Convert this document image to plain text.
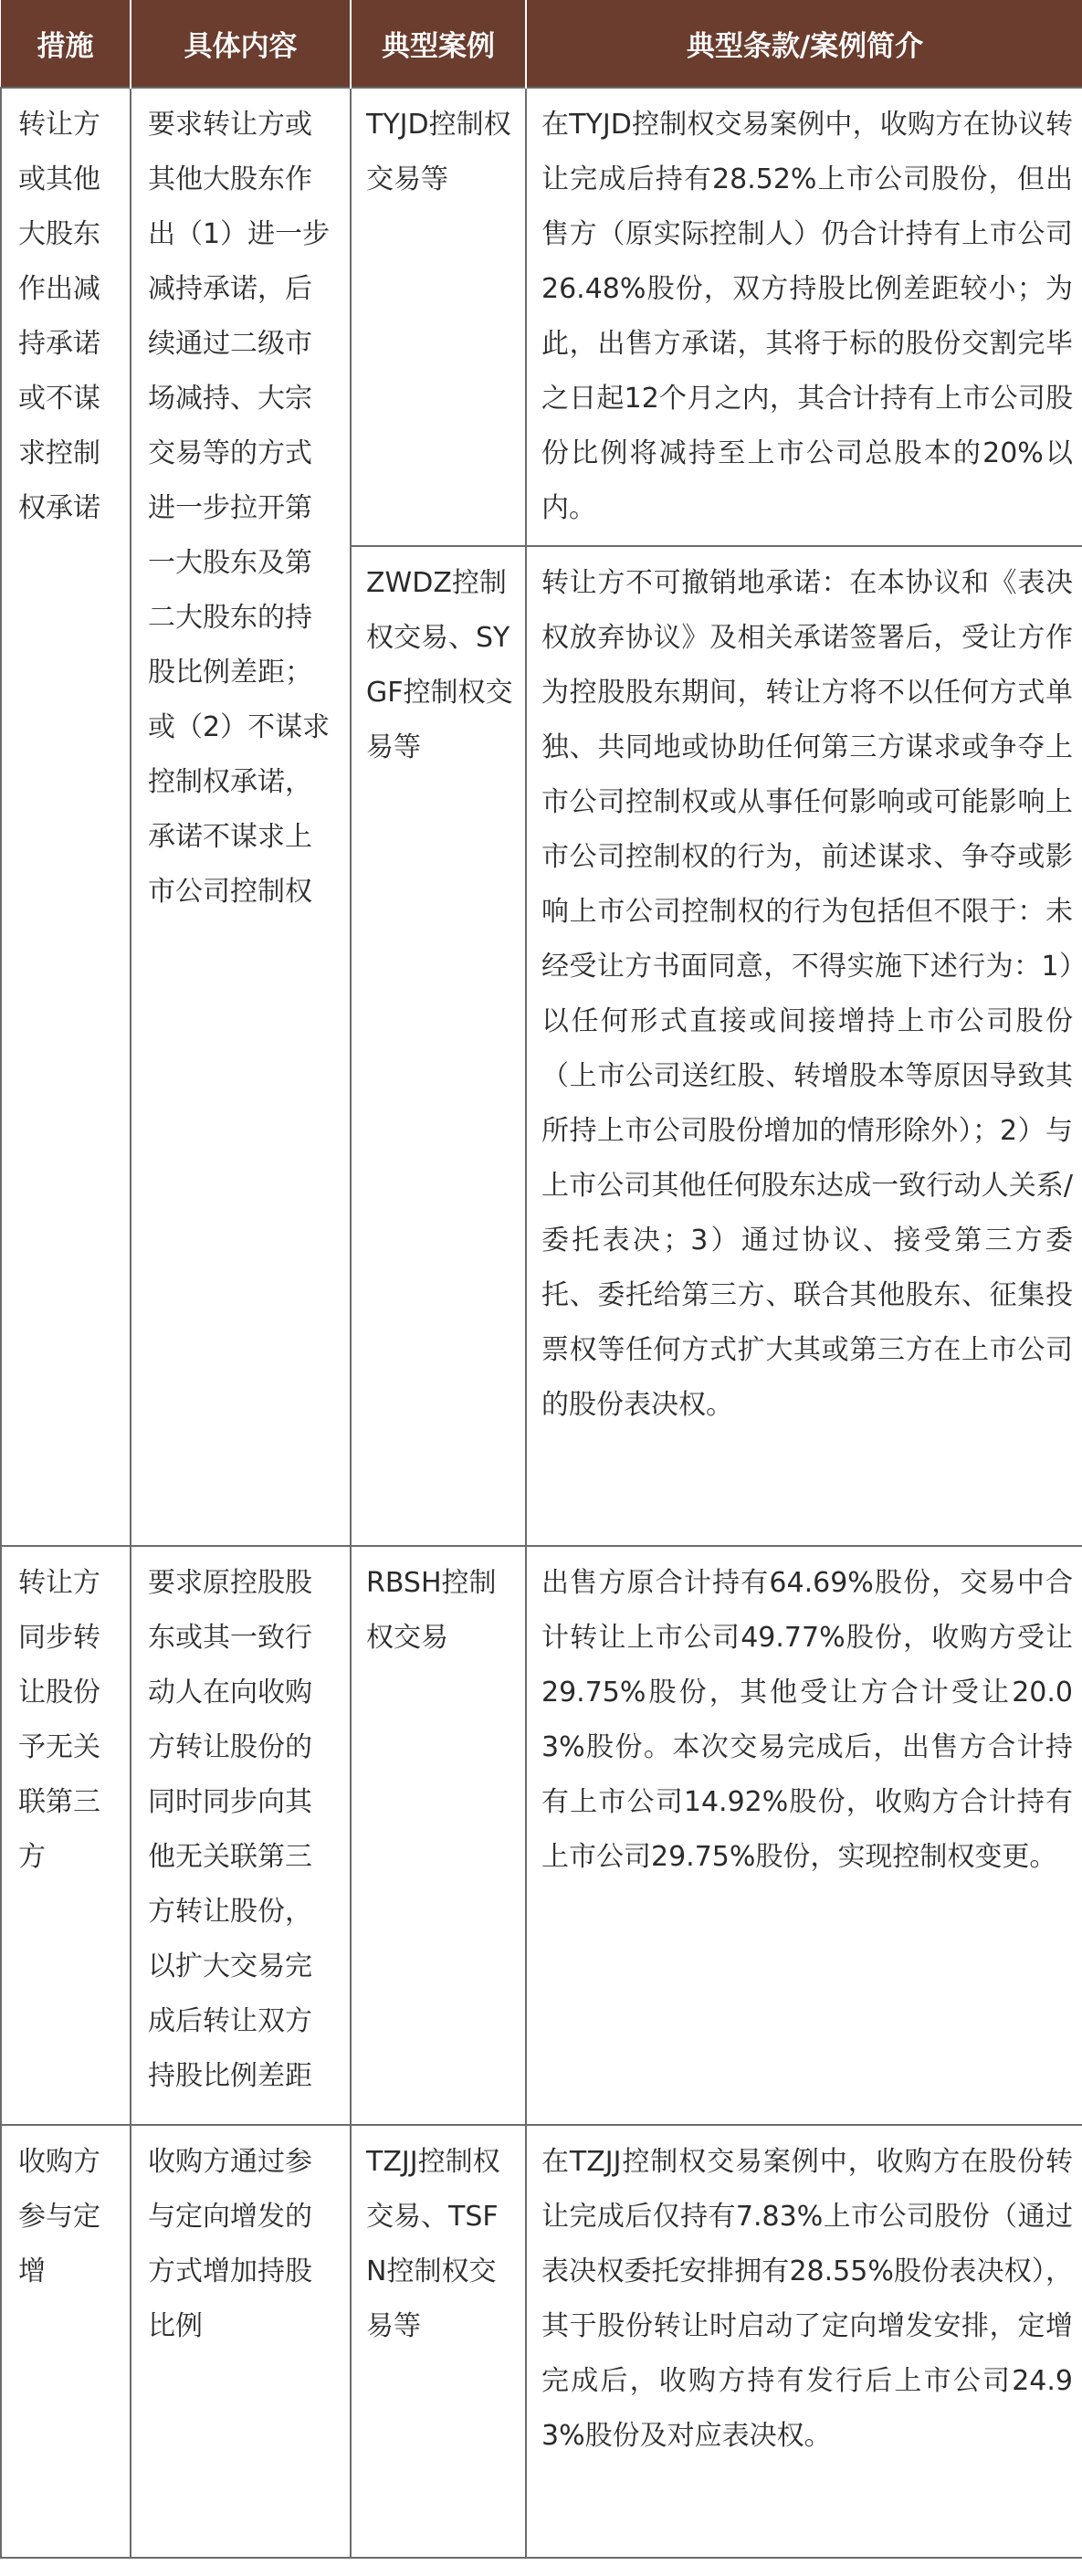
措施	具体内容	典型案例	典型条款/案例简介
转让方或其他大股东作出减持承诺或不谋求控制权承诺	要求转让方或其他大股东作出（1）进一步减持承诺，后续通过二级市场减持、大宗交易等的方式进一步拉开第一大股东及第二大股东的持股比例差距；或（2）不谋求控制权承诺，承诺不谋求上市公司控制权	TYJD控制权交易等	在TYJD控制权交易案例中，收购方在协议转让完成后持有28.52%上市公司股份，但出售方（原实际控制人）仍合计持有上市公司26.48%股份，双方持股比例差距较小；为此，出售方承诺，其将于标的股份交割完毕之日起12个月之内，其合计持有上市公司股份比例将减持至上市公司总股本的20%以内。
		ZWDZ控制权交易、SYGF控制权交易等	转让方不可撤销地承诺：在本协议和《表决权放弃协议》及相关承诺签署后，受让方作为控股股东期间，转让方将不以任何方式单独、共同地或协助任何第三方谋求或争夺上市公司控制权或从事任何影响或可能影响上市公司控制权的行为，前述谋求、争夺或影响上市公司控制权的行为包括但不限于：未经受让方书面同意，不得实施下述行为：1）以任何形式直接或间接增持上市公司股份（上市公司送红股、转增股本等原因导致其所持上市公司股份增加的情形除外）；2）与上市公司其他任何股东达成一致行动人关系/委托表决；3）通过协议、接受第三方委托、委托给第三方、联合其他股东、征集投票权等任何方式扩大其或第三方在上市公司的股份表决权。
转让方同步转让股份予无关联第三方	要求原控股股东或其一致行动人在向收购方转让股份的同时同步向其他无关联第三方转让股份，以扩大交易完成后转让双方持股比例差距	RBSH控制权交易	出售方原合计持有64.69%股份，交易中合计转让上市公司49.77%股份，收购方受让29.75%股份，其他受让方合计受让20.03%股份。本次交易完成后，出售方合计持有上市公司14.92%股份，收购方合计持有上市公司29.75%股份，实现控制权变更。
收购方参与定增	收购方通过参与定向增发的方式增加持股比例	TZJJ控制权交易、TSFN控制权交易等	在TZJJ控制权交易案例中，收购方在股份转让完成后仅持有7.83%上市公司股份（通过表决权委托安排拥有28.55%股份表决权），其于股份转让时启动了定向增发安排，定增完成后，收购方持有发行后上市公司24.93%股份及对应表决权。
